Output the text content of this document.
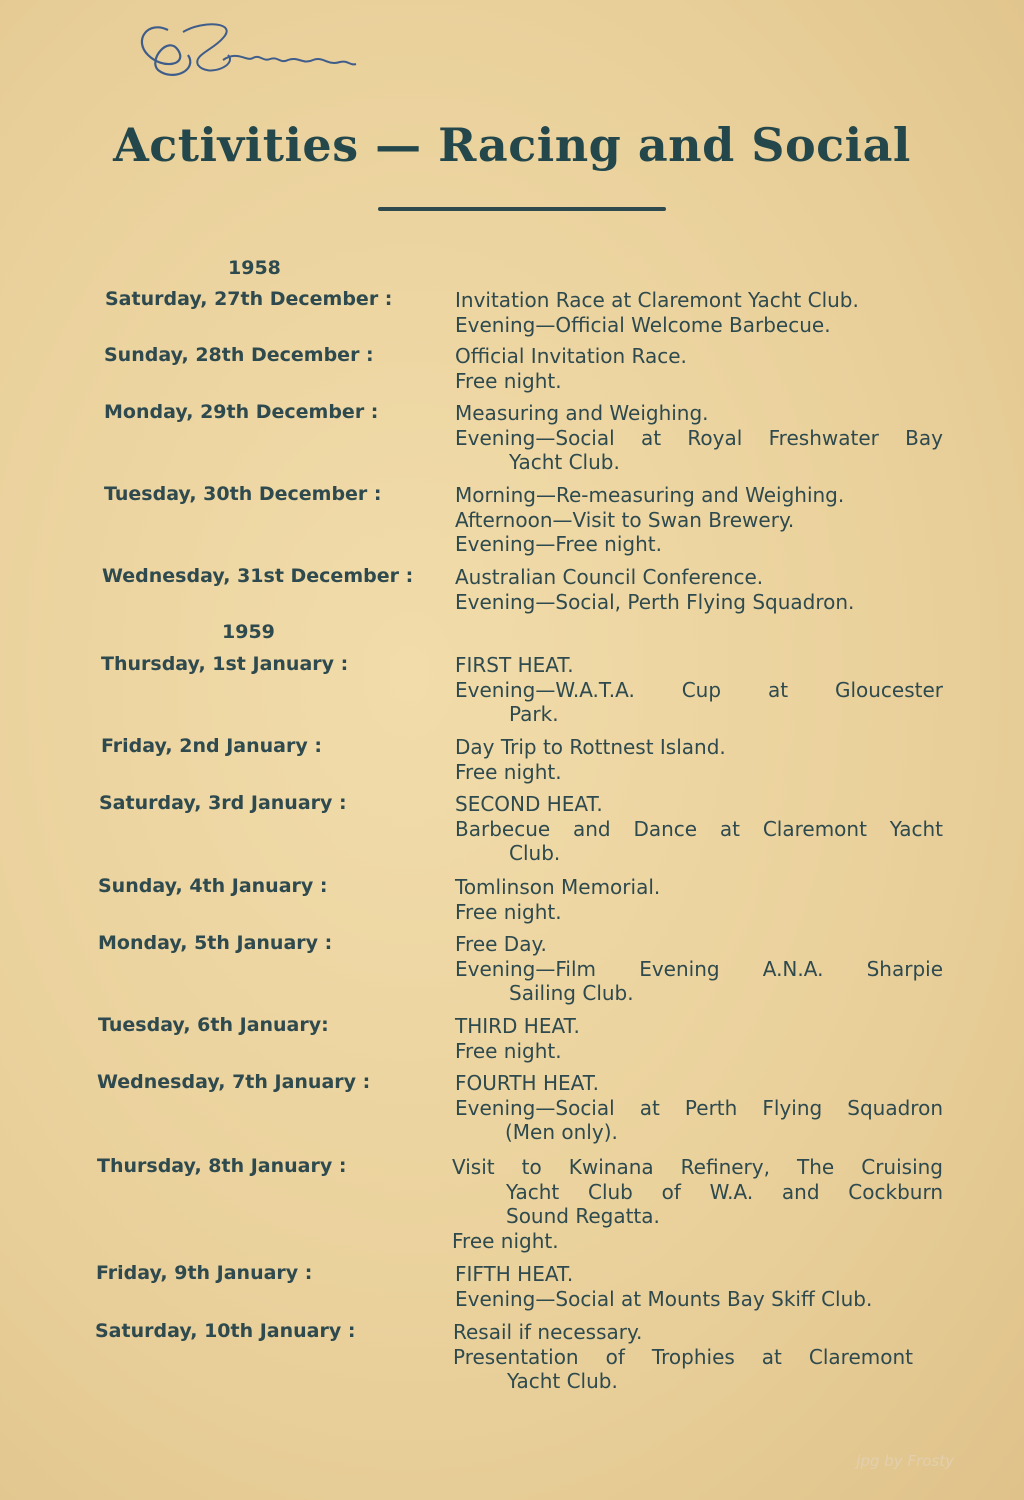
Activities — Racing and Social
1958
Saturday, 27th December :	Invitation Race at Claremont Yacht Club.
Evening—Official Welcome Barbecue.
Sunday, 28th December :	Official Invitation Race.
Free night.
Monday, 29th December :	Measuring and Weighing.
Evening—Social at Royal Freshwater Bay
Yacht Club.
Tuesday, 30th December :	Morning—Re-measuring and Weighing.
Afternoon—Visit to Swan Brewery.
Evening—Free night.
Wednesday, 31st December : Australian Council Conference.
Evening—Social, Perth Flying Squadron.
1959
Thursday, 1st January :	FIRST HEAT.
Evening—W.A.T.A. Cup at Gloucester
Park.
Friday, 2nd January :	Day Trip to Rottnest Island.
Free night.
Saturday, 3rd January :	SECOND HEAT.
Barbecue and Dance at Claremont Yacht
Club.
Sunday, 4th January :	Tomlinson Memorial.
Free night.
Monday, 5th January :	Free Day.
Evening—Film Evening A.N.A. Sharpie
Sailing Club.
Tuesday, 6th January:	THIRD HEAT.
Free night.
Wednesday, 7th January :	FOURTH HEAT.
Evening—Social at Perth Flying Squadron
(Men only).
Thursday, 8th January :	Visit to Kwinana Refinery, The Cruising
Yacht Club of W.A. and Cockburn
Sound Regatta.
Free night.
Friday, 9th January :	FIFTH HEAT.
Evening—Social at Mounts Bay Skiff Club.
Saturday, 10th January :	Resail if necessary.
Presentation of Trophies at Claremont
Yacht Club.
jpg by Frosty
